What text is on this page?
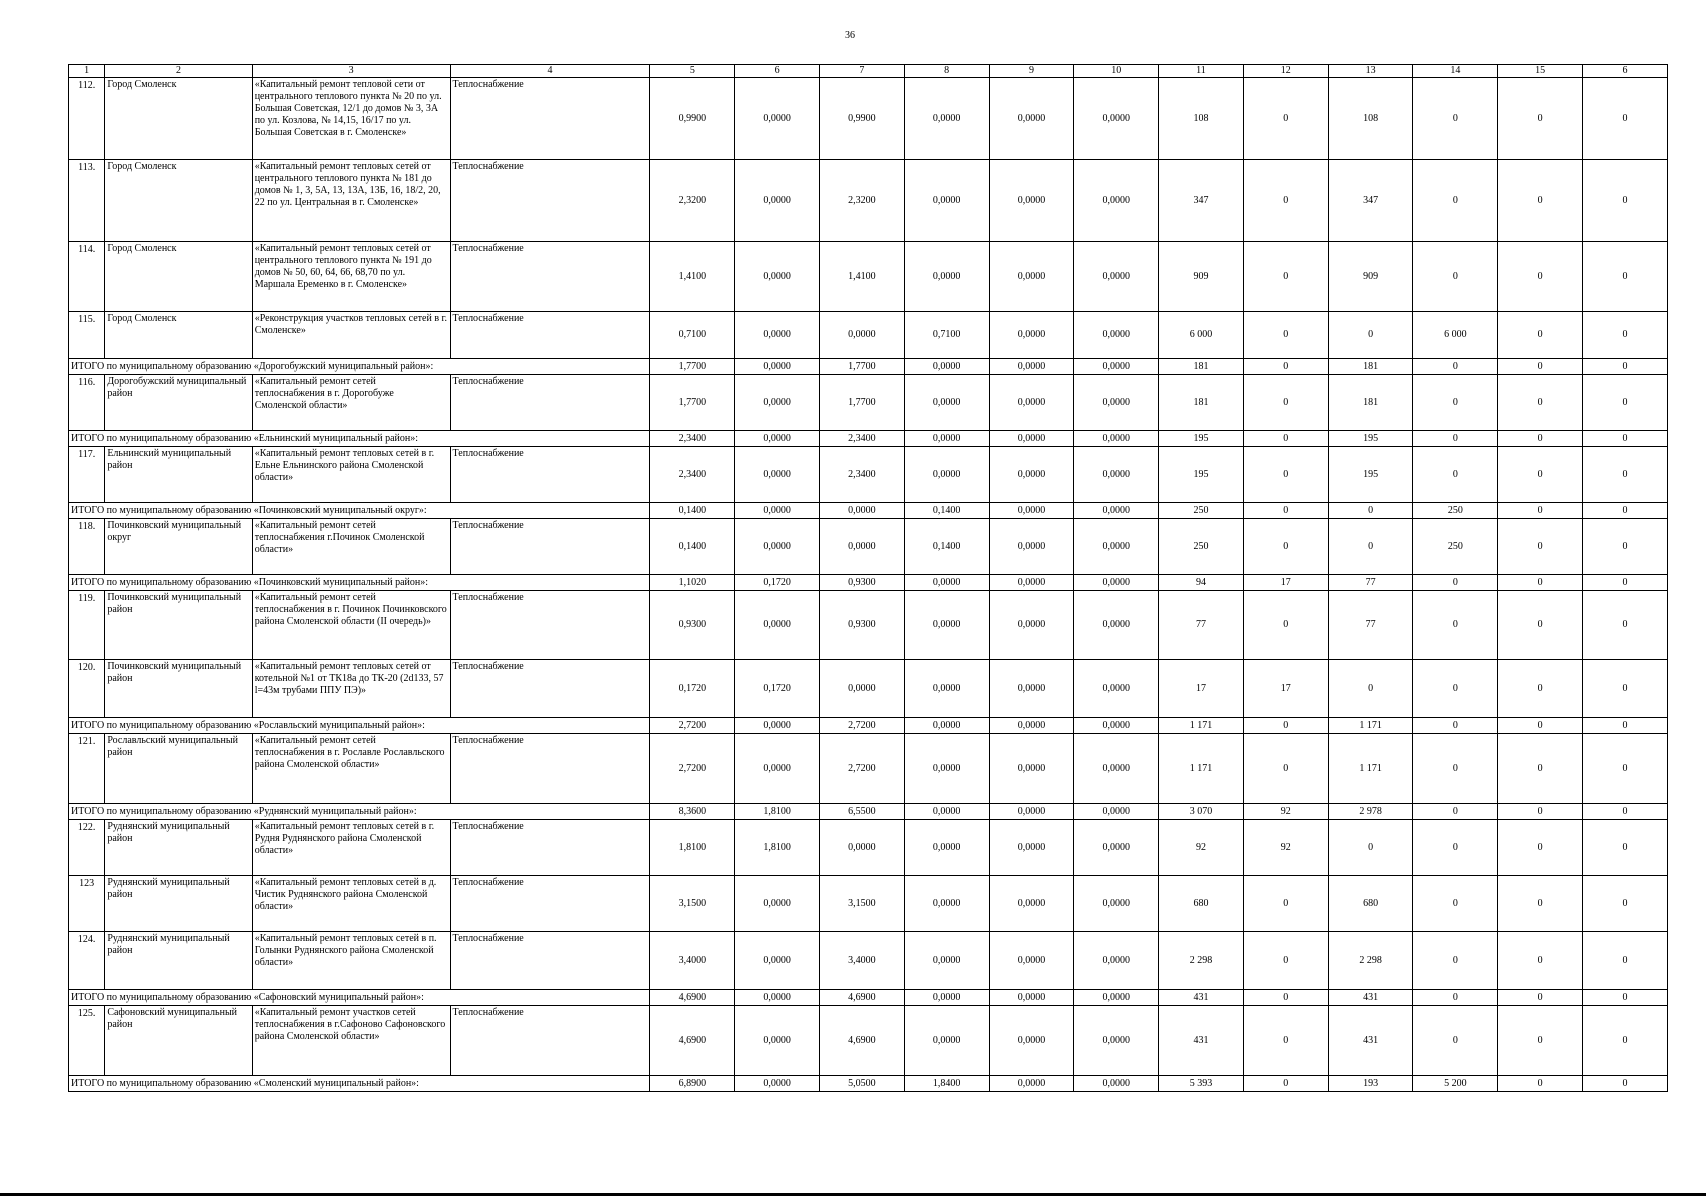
36
1	2	3	4	5	6	7	8	9	10	11	12	13	14	15	6
112.	Город Смоленск	«Капитальный ремонт тепловой сети от центрального теплового пункта № 20 по ул. Большая Советская, 12/1 до домов № 3, 3А по ул. Козлова, № 14,15, 16/17 по ул. Большая Советская в г. Смоленске»	Теплоснабжение	0,9900	0,0000	0,9900	0,0000	0,0000	0,0000	108	0	108	0	0	0
113.	Город Смоленск	«Капитальный ремонт тепловых сетей от центрального теплового пункта № 181 до домов № 1, 3, 5А, 13, 13А, 13Б, 16, 18/2, 20, 22 по ул. Центральная в г. Смоленске»	Теплоснабжение	2,3200	0,0000	2,3200	0,0000	0,0000	0,0000	347	0	347	0	0	0
114.	Город Смоленск	«Капитальный ремонт тепловых сетей от центрального теплового пункта № 191 до домов № 50, 60, 64, 66, 68,70 по ул. Маршала Еременко в г. Смоленске»	Теплоснабжение	1,4100	0,0000	1,4100	0,0000	0,0000	0,0000	909	0	909	0	0	0
115.	Город Смоленск	«Реконструкция участков тепловых сетей в г. Смоленске»	Теплоснабжение	0,7100	0,0000	0,0000	0,7100	0,0000	0,0000	6 000	0	0	6 000	0	0
ИТОГО по муниципальному образованию «Дорогобужский муниципальный район»:				1,7700	0,0000	1,7700	0,0000	0,0000	0,0000	181	0	181	0	0	0
116.	Дорогобужский муниципальный район	«Капитальный ремонт сетей теплоснабжения в г. Дорогобуже Смоленской области»	Теплоснабжение	1,7700	0,0000	1,7700	0,0000	0,0000	0,0000	181	0	181	0	0	0
ИТОГО по муниципальному образованию «Ельнинский муниципальный район»:				2,3400	0,0000	2,3400	0,0000	0,0000	0,0000	195	0	195	0	0	0
117.	Ельнинский муниципальный район	«Капитальный ремонт тепловых сетей в г. Ельне Ельнинского района Смоленской области»	Теплоснабжение	2,3400	0,0000	2,3400	0,0000	0,0000	0,0000	195	0	195	0	0	0
ИТОГО по муниципальному образованию «Починковский муниципальный округ»:				0,1400	0,0000	0,0000	0,1400	0,0000	0,0000	250	0	0	250	0	0
118.	Починковский муниципальный округ	«Капитальный ремонт сетей теплоснабжения г.Починок Смоленской области»	Теплоснабжение	0,1400	0,0000	0,0000	0,1400	0,0000	0,0000	250	0	0	250	0	0
ИТОГО по муниципальному образованию «Починковский муниципальный район»:				1,1020	0,1720	0,9300	0,0000	0,0000	0,0000	94	17	77	0	0	0
119.	Починковский муниципальный район	«Капитальный ремонт сетей теплоснабжения в г. Починок Починковского района Смоленской области (II очередь)»	Теплоснабжение	0,9300	0,0000	0,9300	0,0000	0,0000	0,0000	77	0	77	0	0	0
120.	Починковский муниципальный район	«Капитальный ремонт тепловых сетей от котельной №1 от ТК18а до ТК-20 (2d133, 57 l=43м трубами ППУ ПЭ)»	Теплоснабжение	0,1720	0,1720	0,0000	0,0000	0,0000	0,0000	17	17	0	0	0	0
ИТОГО по муниципальному образованию «Рославльский муниципальный район»:				2,7200	0,0000	2,7200	0,0000	0,0000	0,0000	1 171	0	1 171	0	0	0
121.	Рославльский муниципальный район	«Капитальный ремонт сетей теплоснабжения в г. Рославле Рославльского района Смоленской области»	Теплоснабжение	2,7200	0,0000	2,7200	0,0000	0,0000	0,0000	1 171	0	1 171	0	0	0
ИТОГО по муниципальному образованию «Руднянский муниципальный район»:				8,3600	1,8100	6,5500	0,0000	0,0000	0,0000	3 070	92	2 978	0	0	0
122.	Руднянский муниципальный район	«Капитальный ремонт тепловых сетей в г. Рудня Руднянского района Смоленской области»	Теплоснабжение	1,8100	1,8100	0,0000	0,0000	0,0000	0,0000	92	92	0	0	0	0
123	Руднянский муниципальный район	«Капитальный ремонт тепловых сетей в д. Чистик Руднянского района Смоленской области»	Теплоснабжение	3,1500	0,0000	3,1500	0,0000	0,0000	0,0000	680	0	680	0	0	0
124.	Руднянский муниципальный район	«Капитальный ремонт тепловых сетей в п. Голынки Руднянского района Смоленской области»	Теплоснабжение	3,4000	0,0000	3,4000	0,0000	0,0000	0,0000	2 298	0	2 298	0	0	0
ИТОГО по муниципальному образованию «Сафоновский муниципальный район»:				4,6900	0,0000	4,6900	0,0000	0,0000	0,0000	431	0	431	0	0	0
125.	Сафоновский муниципальный район	«Капитальный ремонт участков сетей теплоснабжения в г.Сафоново Сафоновского района Смоленской области»	Теплоснабжение	4,6900	0,0000	4,6900	0,0000	0,0000	0,0000	431	0	431	0	0	0
ИТОГО по муниципальному образованию «Смоленский муниципальный район»:				6,8900	0,0000	5,0500	1,8400	0,0000	0,0000	5 393	0	193	5 200	0	0
